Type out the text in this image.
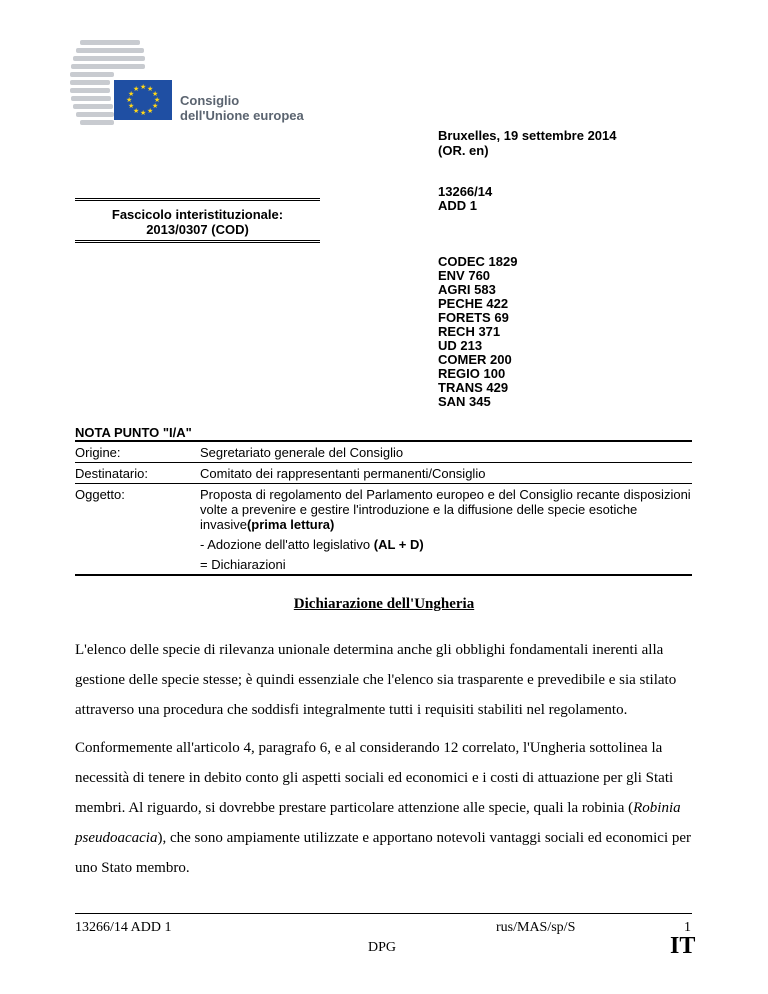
★ ★
★
★
★
★
★
★
★
★
★
★
Consiglio
dell'Unione europea
Bruxelles, 19 settembre 2014
(OR. en)
Fascicolo interistituzionale:
2013/0307 (COD)
13266/14
ADD 1
CODEC 1829
ENV 760
AGRI 583
PECHE 422
FORETS 69
RECH 371
UD 213
COMER 200
REGIO 100
TRANS 429
SAN 345
NOTA PUNTO "I/A"
Origine:	Segretariato generale del Consiglio
Destinatario:	Comitato dei rappresentanti permanenti/Consiglio
Oggetto:	Proposta di regolamento del Parlamento europeo e del Consiglio recante disposizioni volte a prevenire e gestire l'introduzione e la diffusione delle specie esotiche invasive(prima lettura)
- Adozione dell'atto legislativo (AL + D)
= Dichiarazioni
Dichiarazione dell'Ungheria
L'elenco delle specie di rilevanza unionale determina anche gli obblighi fondamentali inerenti alla gestione delle specie stesse; è quindi essenziale che l'elenco sia trasparente e prevedibile e sia stilato attraverso una procedura che soddisfi integralmente tutti i requisiti stabiliti nel regolamento.
Conformemente all'articolo 4, paragrafo 6, e al considerando 12 correlato, l'Ungheria sottolinea la necessità di tenere in debito conto gli aspetti sociali ed economici e i costi di attuazione per gli Stati membri. Al riguardo, si dovrebbe prestare particolare attenzione alle specie, quali la robinia (Robinia pseudoacacia), che sono ampiamente utilizzate e apportano notevoli vantaggi sociali ed economici per uno Stato membro.
13266/14 ADD 1	rus/MAS/sp/S	1
DPG	IT
